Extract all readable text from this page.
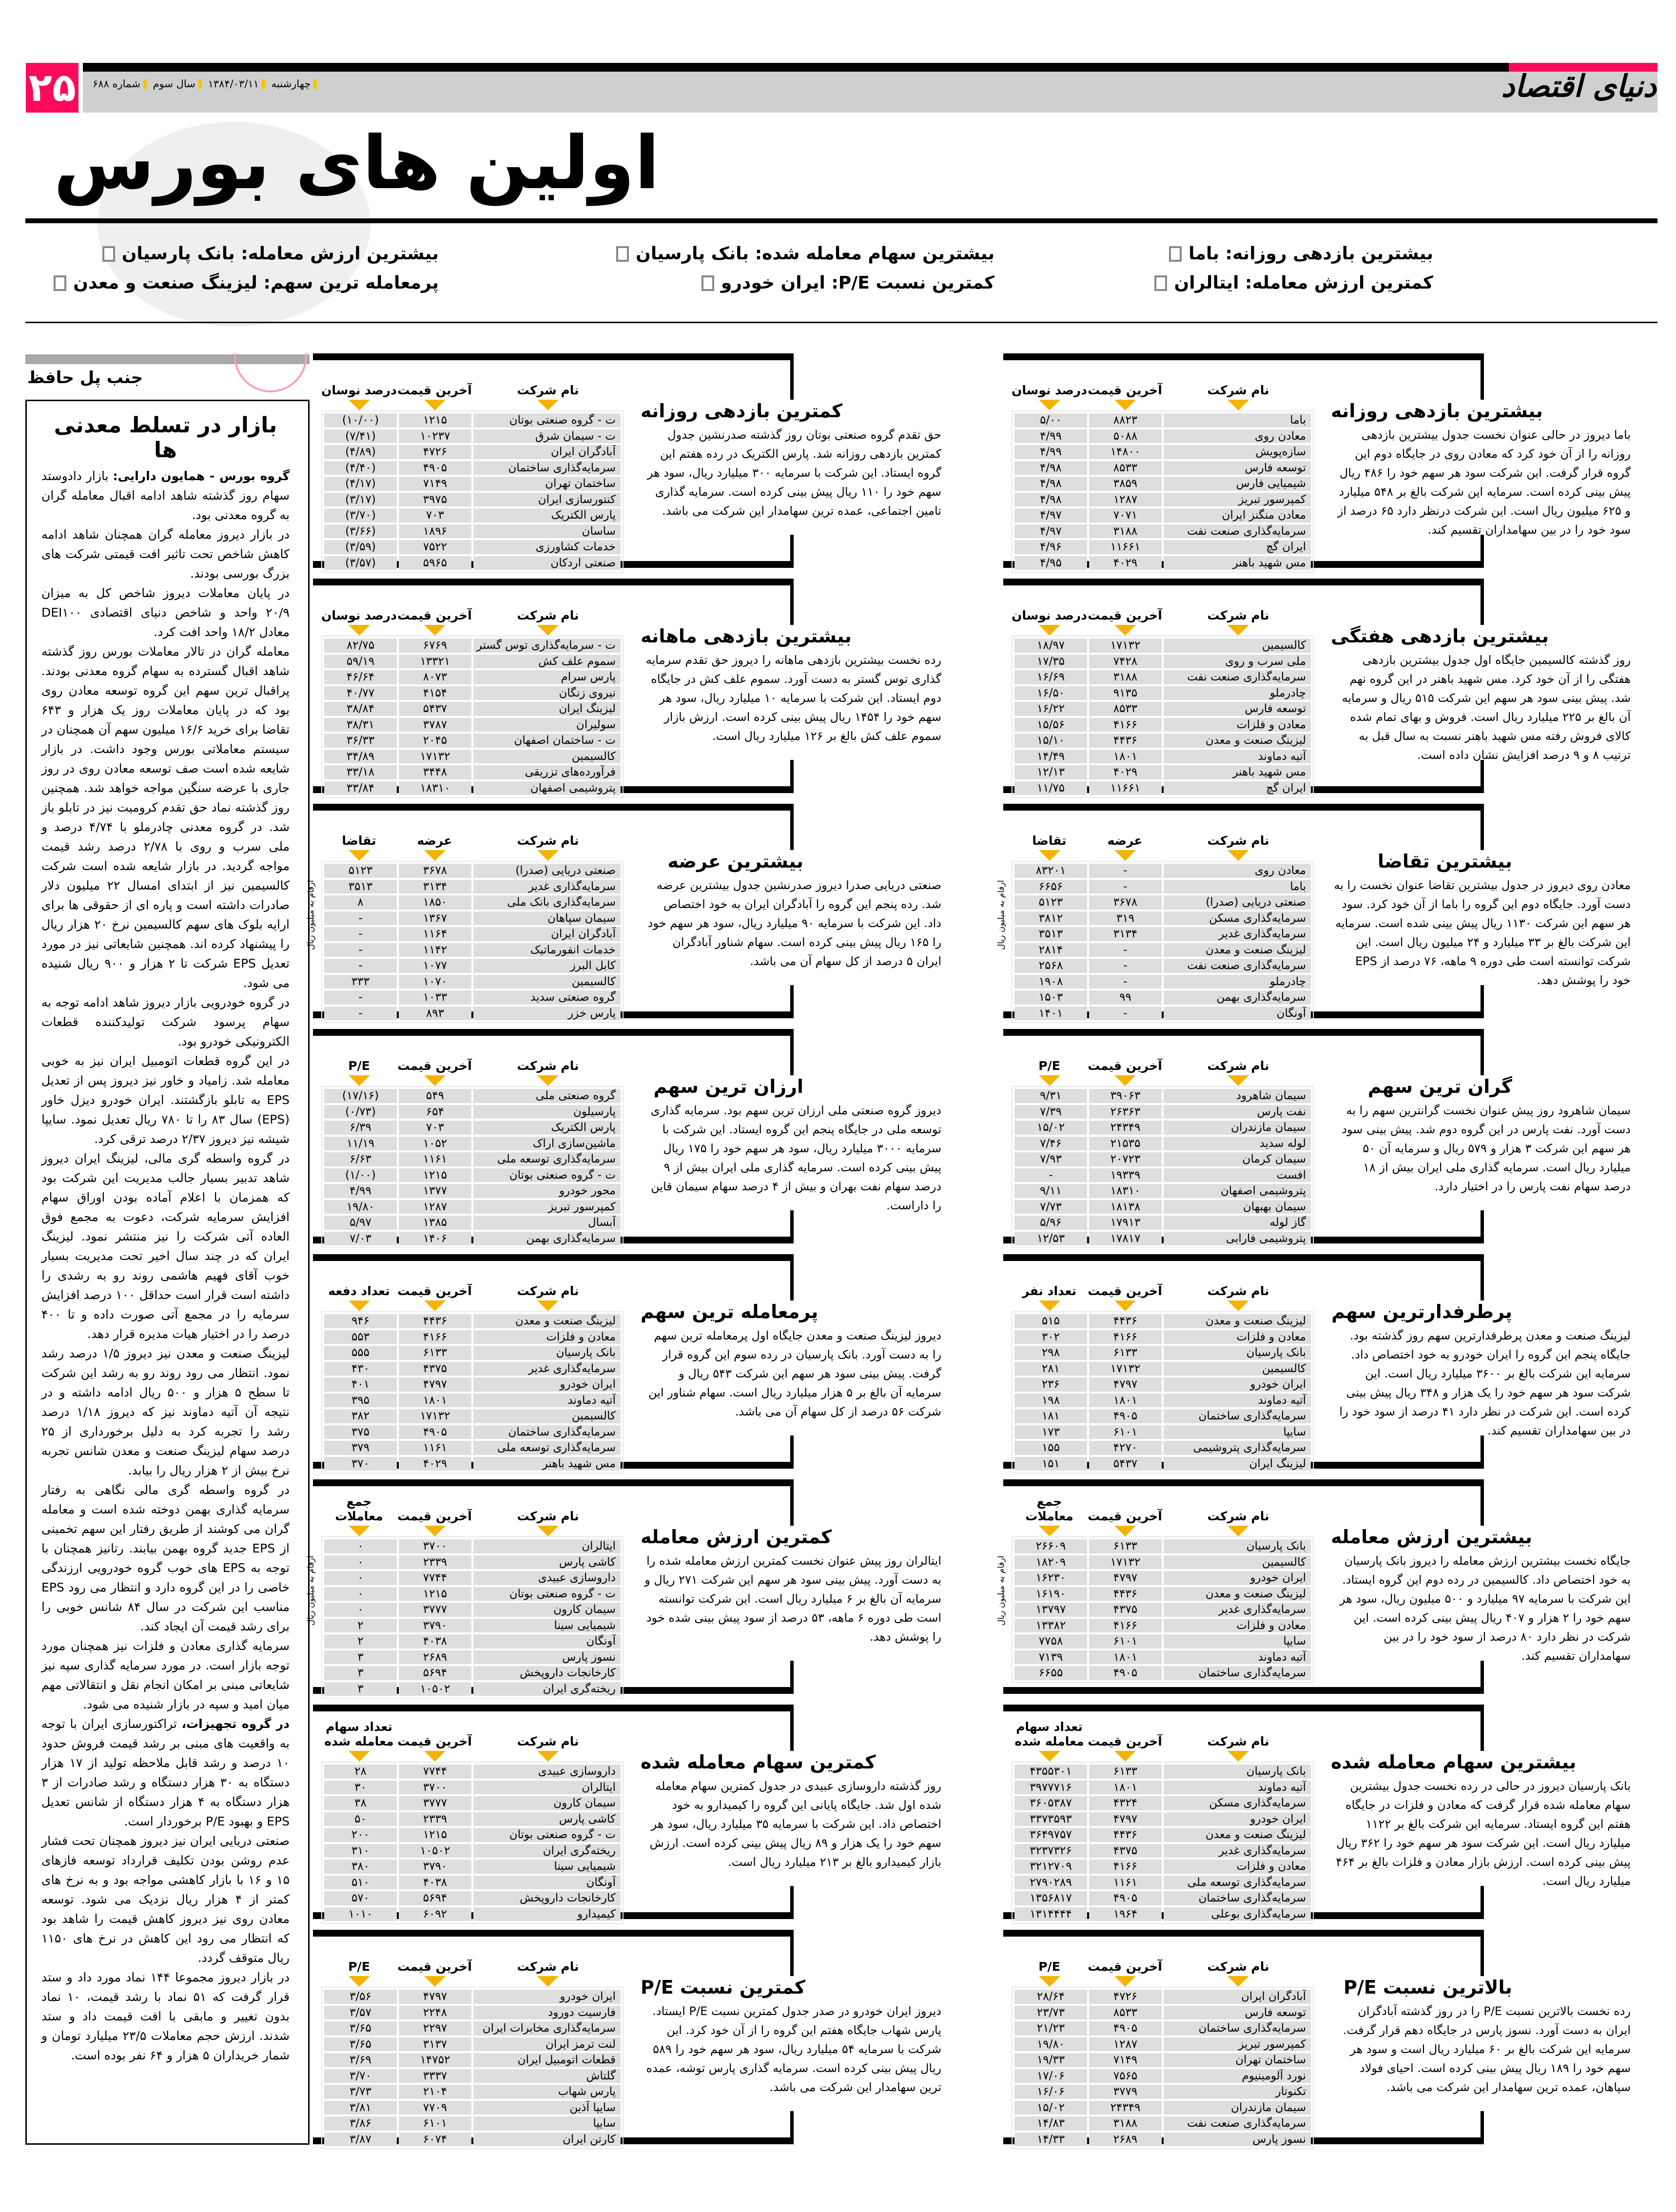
۲۵	دنیای اقتصاد
چهارشنبه ۱۳۸۴/۰۳/۱۱ سال سوم شماره ۶۸۸
اولین های بورس
بیشترین بازدهی روزانه: باما
بیشترین سهام معامله شده: بانک پارسیان
بیشترین ارزش معامله: بانک پارسیان
کمترین ارزش معامله: ایتالران
کمترین نسبت P/E: ایران خودرو
پرمعامله ترین سهم: لیزینگ صنعت و معدن
جنب پل حافظ
بازار در تسلط معدنی ها

گروه بورس - همایون دارایی: بازار دادوستد سهام روز گذشته شاهد ادامه اقبال معامله گران به گروه معدنی بود.

در بازار دیروز معامله گران همچنان شاهد ادامه کاهش شاخص تحت تاثیر افت قیمتی شرکت های بزرگ بورسی بودند.

در پایان معاملات دیروز شاخص کل به میزان ۲۰/۹ واحد و شاخص دنیای اقتصادی DEI۱۰۰ معادل ۱۸/۲ واحد افت کرد.

معامله گران در تالار معاملات بورس روز گذشته شاهد اقبال گسترده به سهام گروه معدنی بودند. پراقبال ترین سهم این گروه توسعه معادن روی بود که در پایان معاملات روز یک هزار و ۶۴۳ تقاضا برای خرید ۱۶/۶ میلیون سهم آن همچنان در سیستم معاملاتی بورس وجود داشت. در بازار شایعه شده است صف توسعه معادن روی در روز جاری با عرضه سنگین مواجه خواهد شد. همچنین روز گذشته نماد حق تقدم کرومیت نیز در تابلو باز شد. در گروه معدنی چادرملو با ۴/۷۴ درصد و ملی سرب و روی با ۲/۷۸ درصد رشد قیمت مواجه گردید. در بازار شایعه شده است شرکت کالسیمین نیز از ابتدای امسال ۲۲ میلیون دلار صادرات داشته است و پاره ای از حقوقی ها برای ارایه بلوک های سهم کالسیمین نرخ ۲۰ هزار ریال را پیشنهاد کرده اند. همچنین شایعاتی نیز در مورد تعدیل EPS شرکت تا ۲ هزار و ۹۰۰ ریال شنیده می شود.

در گروه خودرویی بازار دیروز شاهد ادامه توجه به سهام پرسود شرکت تولیدکننده قطعات الکترونیکی خودرو بود.

در این گروه قطعات اتومبیل ایران نیز به خوبی معامله شد. زامیاد و خاور نیز دیروز پس از تعدیل EPS به تابلو بازگشتند. ایران خودرو دیزل خاور (EPS) سال ۸۳ را تا ۷۸۰ ریال تعدیل نمود. سایپا شیشه نیز دیروز ۲/۳۷ درصد ترقی کرد.

در گروه واسطه گری مالی، لیزینگ ایران دیروز شاهد تدبیر بسیار جالب مدیریت این شرکت بود که همزمان با اعلام آماده بودن اوراق سهام افزایش سرمایه شرکت، دعوت به مجمع فوق العاده آتی شرکت را نیز منتشر نمود. لیزینگ ایران که در چند سال اخیر تحت مدیریت بسیار خوب آقای فهیم هاشمی روند رو به رشدی را داشته است قرار است حداقل ۱۰۰ درصد افزایش سرمایه را در مجمع آتی صورت داده و تا ۴۰۰ درصد را در اختیار هیات مدیره قرار دهد.

لیزینگ صنعت و معدن نیز دیروز ۱/۵ درصد رشد نمود. انتظار می رود روند رو به رشد این شرکت تا سطح ۵ هزار و ۵۰۰ ریال ادامه داشته و در نتیجه آن آتیه دماوند نیز که دیروز ۱/۱۸ درصد رشد را تجربه کرد به دلیل برخورداری از ۲۵ درصد سهام لیزینگ صنعت و معدن شانس تجربه نرخ بیش از ۲ هزار ریال را بیابد.

در گروه واسطه گری مالی نگاهی به رفتار سرمایه گذاری بهمن دوخته شده است و معامله گران می کوشند از طریق رفتار این سهم تخمینی از EPS جدید گروه بهمن بیابند. رتانیز همچنان با توجه به EPS های خوب گروه خودرویی ارزندگی خاصی را در این گروه دارد و انتظار می رود EPS مناسب این شرکت در سال ۸۴ شانس خوبی را برای رشد قیمت آن ایجاد کند.

سرمایه گذاری معادن و فلزات نیز همچنان مورد توجه بازار است. در مورد سرمایه گذاری سپه نیز شایعاتی مبنی بر امکان انجام نقل و انتقالاتی مهم میان امید و سپه در بازار شنیده می شود.

در گروه تجهیزات، تراکتورسازی ایران با توجه به واقعیت های مبنی بر رشد قیمت فروش حدود ۱۰ درصد و رشد قابل ملاحظه تولید از ۱۷ هزار دستگاه به ۳۰ هزار دستگاه و رشد صادرات از ۳ هزار دستگاه به ۴ هزار دستگاه از شانس تعدیل EPS و بهبود P/E برخوردار است.

صنعتی دریایی ایران نیز دیروز همچنان تحت فشار عدم روشن بودن تکلیف قرارداد توسعه فازهای ۱۵ و ۱۶ با بازار کاهشی مواجه بود و به نرخ های کمتر از ۴ هزار ریال نزدیک می شود. توسعه معادن روی نیز دیروز کاهش قیمت را شاهد بود که انتظار می رود این کاهش در نرخ های ۱۱۵۰ ریال متوقف گردد.

در بازار دیروز مجموعا ۱۴۴ نماد مورد داد و ستد قرار گرفت که ۵۱ نماد با رشد قیمت، ۱۰ نماد بدون تغییر و مابقی با افت قیمت داد و ستد شدند. ارزش حجم معاملات ۲۳/۵ میلیارد تومان و شمار خریداران ۵ هزار و ۶۴ نفر بوده است.

نام شرکت
آخرین قیمت
درصد نوسان
باما
۸۸۲۳
۵/۰۰
معادن روی
۵۰۸۸
۴/۹۹
سازه‌پویش
۱۴۸۰۰
۴/۹۹
توسعه فارس
۸۵۳۳
۴/۹۸
شیمیایی فارس
۳۸۵۹
۴/۹۸
کمپرسور تبریز
۱۲۸۷
۴/۹۸
معادن منگنز ایران
۷۰۷۱
۴/۹۷
سرمایه‌گذاری صنعت نفت
۳۱۸۸
۴/۹۷
ایران گچ
۱۱۶۶۱
۴/۹۶
مس شهید باهنر
۴۰۲۹
۴/۹۵
بیشترین بازدهی روزانه
باما دیروز در حالی عنوان نخست جدول بیشترین بازدهی روزانه را از آن خود کرد که معادن روی در جایگاه دوم این گروه قرار گرفت. این شرکت سود هر سهم خود را ۴۸۶ ریال پیش بینی کرده است. سرمایه این شرکت بالغ بر ۵۴۸ میلیارد و ۶۲۵ میلیون ریال است. این شرکت درنظر دارد ۶۵ درصد از سود خود را در بین سهامداران تقسیم کند.
نام شرکت
آخرین قیمت
درصد نوسان
ت - گروه صنعتی بوتان
۱۲۱۵
(۱۰/۰۰)
ت - سیمان شرق
۱۰۲۳۷
(۷/۴۱)
آبادگران ایران
۴۷۲۶
(۴/۸۹)
سرمایه‌گذاری ساختمان
۴۹۰۵
(۴/۴۰)
ساختمان تهران
۷۱۴۹
(۴/۱۷)
کنتورسازی ایران
۳۹۷۵
(۳/۱۷)
پارس الکتریک
۷۰۳
(۳/۷۰)
ساسان
۱۸۹۶
(۳/۶۶)
خدمات کشاورزی
۷۵۲۲
(۳/۵۹)
صنعتی اردکان
۵۹۶۵
(۳/۵۷)
کمترین بازدهی روزانه
حق تقدم گروه صنعتی بوتان روز گذشته صدرنشین جدول کمترین بازدهی روزانه شد. پارس الکتریک در رده هفتم این گروه ایستاد. این شرکت با سرمایه ۳۰۰ میلیارد ریال، سود هر سهم خود را ۱۱۰ ریال پیش بینی کرده است. سرمایه گذاری تامین اجتماعی، عمده ترین سهامدار این شرکت می باشد.
نام شرکت
آخرین قیمت
درصد نوسان
کالسیمین
۱۷۱۳۲
۱۸/۹۷
ملی سرب و روی
۷۴۲۸
۱۷/۳۵
سرمایه‌گذاری صنعت نفت
۳۱۸۸
۱۶/۶۹
چادرملو
۹۱۳۵
۱۶/۵۰
توسعه فارس
۸۵۳۳
۱۶/۲۲
معادن و فلزات
۴۱۶۶
۱۵/۵۶
لیزینگ صنعت و معدن
۴۴۳۶
۱۵/۱۰
آتیه دماوند
۱۸۰۱
۱۴/۴۹
مس شهید باهنر
۴۰۲۹
۱۲/۱۳
ایران گچ
۱۱۶۶۱
۱۱/۷۵
بیشترین بازدهی هفتگی
روز گذشته کالسیمین جایگاه اول جدول بیشترین بازدهی هفتگی را از آن خود کرد. مس شهید باهنر در این گروه نهم شد. پیش بینی سود هر سهم این شرکت ۵۱۵ ریال و سرمایه آن بالغ بر ۲۲۵ میلیارد ریال است. فروش و بهای تمام شده کالای فروش رفته مس شهید باهنر نسبت به سال قبل به ترتیب ۸ و ۹ درصد افزایش نشان داده است.
نام شرکت
آخرین قیمت
درصد نوسان
ت - سرمایه‌گذاری توس گستر
۶۷۶۹
۸۲/۷۵
سموم علف کش
۱۳۳۲۱
۵۹/۱۹
پارس سرام
۸۰۷۳
۴۶/۶۴
نیروی زنگان
۴۱۵۴
۴۰/۷۷
لیزینگ ایران
۵۴۳۷
۳۸/۸۴
سولیران
۳۷۸۷
۳۸/۳۱
ت - ساختمان اصفهان
۲۰۴۵
۳۶/۳۳
کالسیمین
۱۷۱۳۲
۳۴/۸۹
فرآورده‌های تزریقی
۳۴۴۸
۳۳/۱۸
پتروشیمی اصفهان
۱۸۳۱۰
۳۳/۸۴
بیشترین بازدهی ماهانه
رده نخست بیشترین بازدهی ماهانه را دیروز حق تقدم سرمایه گذاری توس گستر به دست آورد. سموم علف کش در جایگاه دوم ایستاد. این شرکت با سرمایه ۱۰ میلیارد ریال، سود هر سهم خود را ۱۴۵۴ ریال پیش بینی کرده است. ارزش بازار سموم علف کش بالغ بر ۱۲۶ میلیارد ریال است.
نام شرکت
عرضه
تقاضا
معادن روی
-
۸۳۲۰۱
باما
-
۶۶۵۶
صنعتی دریایی (صدرا)
۳۶۷۸
۵۱۲۳
سرمایه‌گذاری مسکن
۳۱۹
۳۸۱۲
سرمایه‌گذاری غدیر
۳۱۳۴
۳۵۱۳
لیزینگ صنعت و معدن
-
۲۸۱۴
سرمایه‌گذاری صنعت نفت
-
۲۵۶۸
چادرملو
-
۱۹۰۸
سرمایه‌گذاری بهمن
۹۹
۱۵۰۳
آونگان
-
۱۴۰۱
بیشترین تقاضا
معادن روی دیروز در جدول بیشترین تقاضا عنوان نخست را به دست آورد. جایگاه دوم این گروه را باما از آن خود کرد. سود هر سهم این شرکت ۱۱۳۰ ریال پیش بینی شده است. سرمایه این شرکت بالغ بر ۳۳ میلیارد و ۲۴ میلیون ریال است. این شرکت توانسته است طی دوره ۹ ماهه، ۷۶ درصد از EPS خود را پوشش دهد.
ارقام به میلیون ریال
نام شرکت
عرضه
تقاضا
صنعتی دریایی (صدرا)
۳۶۷۸
۵۱۲۳
سرمایه‌گذاری غدیر
۳۱۳۴
۳۵۱۳
سرمایه‌گذاری بانک ملی
۱۸۵۰
۸
سیمان سپاهان
۱۳۶۷
-
آبادگران ایران
۱۱۶۴
-
خدمات انفورماتیک
۱۱۴۲
-
کابل البرز
۱۰۷۷
-
کالسیمین
۱۰۷۰
۳۳۳
گروه صنعتی سدید
۱۰۳۳
-
پارس خزر
۸۹۳
-
بیشترین عرضه
صنعتی دریایی صدرا دیروز صدرنشین جدول بیشترین عرضه شد. رده پنجم این گروه را آبادگران ایران به خود اختصاص داد. این شرکت با سرمایه ۹۰ میلیارد ریال، سود هر سهم خود را ۱۶۵ ریال پیش بینی کرده است. سهام شناور آبادگران ایران ۵ درصد از کل سهام آن می باشد.
ارقام به میلیون ریال
نام شرکت
آخرین قیمت
P/E
سیمان شاهرود
۳۹۰۶۳
۹/۳۱
نفت پارس
۲۶۳۶۳
۷/۳۹
سیمان مازندران
۲۴۳۴۹
۱۵/۰۲
لوله سدید
۲۱۵۳۵
۷/۴۶
سیمان کرمان
۲۰۷۲۳
۷/۹۳
افست
۱۹۳۳۹
-
پتروشیمی اصفهان
۱۸۳۱۰
۹/۱۱
سیمان بهبهان
۱۸۱۳۸
۷/۷۳
گاز لوله
۱۷۹۱۳
۵/۹۶
پتروشیمی فارابی
۱۷۸۱۷
۱۲/۵۳
گران ترین سهم
سیمان شاهرود روز پیش عنوان نخست گرانترین سهم را به دست آورد. نفت پارس در این گروه دوم شد. پیش بینی سود هر سهم این شرکت ۳ هزار و ۵۷۹ ریال و سرمایه آن ۵۰ میلیارد ریال است. سرمایه گذاری ملی ایران بیش از ۱۸ درصد سهام نفت پارس را در اختیار دارد.
نام شرکت
آخرین قیمت
P/E
گروه صنعتی ملی
۵۴۹
(۱۷/۱۶)
پارسیلون
۶۵۴
(۰/۷۳)
پارس الکتریک
۷۰۳
۶/۳۹
ماشین‌سازی اراک
۱۰۵۲
۱۱/۱۹
سرمایه‌گذاری توسعه ملی
۱۱۶۱
۶/۶۳
ت - گروه صنعتی بوتان
۱۲۱۵
(۱/۰۰)
محور خودرو
۱۳۷۷
۴/۹۹
کمپرسور تبریز
۱۲۸۷
۱۹/۸۰
آبسال
۱۳۸۵
۵/۹۷
سرمایه‌گذاری بهمن
۱۴۰۶
۷/۰۳
ارزان ترین سهم
دیروز گروه صنعتی ملی ارزان ترین سهم بود. سرمایه گذاری توسعه ملی در جایگاه پنجم این گروه ایستاد. این شرکت با سرمایه ۳۰۰۰ میلیارد ریال، سود هر سهم خود را ۱۷۵ ریال پیش بینی کرده است. سرمایه گذاری ملی ایران بیش از ۹ درصد سهام نفت بهران و بیش از ۴ درصد سهام سیمان قاین را داراست.
نام شرکت
آخرین قیمت
تعداد نفر
لیزینگ صنعت و معدن
۴۴۳۶
۵۱۵
معادن و فلزات
۴۱۶۶
۳۰۲
بانک پارسیان
۶۱۳۳
۲۹۸
کالسیمین
۱۷۱۳۲
۲۸۱
ایران خودرو
۴۷۹۷
۲۳۶
آتیه دماوند
۱۸۰۱
۱۹۸
سرمایه‌گذاری ساختمان
۴۹۰۵
۱۸۱
سایپا
۶۱۰۱
۱۷۳
سرمایه‌گذاری پتروشیمی
۴۲۷۰
۱۵۵
لیزینگ ایران
۵۴۳۷
۱۵۱
پرطرفدارترین سهم
لیزینگ صنعت و معدن پرطرفدارترین سهم روز گذشته بود. جایگاه پنجم این گروه را ایران خودرو به خود اختصاص داد. سرمایه این شرکت بالغ بر ۳۶۰۰ میلیارد ریال است. این شرکت سود هر سهم خود را یک هزار و ۳۴۸ ریال پیش بینی کرده است. این شرکت در نظر دارد ۴۱ درصد از سود خود را در بین سهامداران تقسیم کند.
نام شرکت
آخرین قیمت
تعداد دفعه
لیزینگ صنعت و معدن
۴۴۳۶
۹۴۶
معادن و فلزات
۴۱۶۶
۵۵۳
بانک پارسیان
۶۱۳۳
۵۵۵
سرمایه‌گذاری غدیر
۴۳۷۵
۴۳۰
ایران خودرو
۴۷۹۷
۴۰۱
آتیه دماوند
۱۸۰۱
۳۹۵
کالسیمین
۱۷۱۳۲
۳۸۲
سرمایه‌گذاری ساختمان
۴۹۰۵
۳۷۵
سرمایه‌گذاری توسعه ملی
۱۱۶۱
۳۷۹
مس شهید باهنر
۴۰۲۹
۳۷۰
پرمعامله ترین سهم
دیروز لیزینگ صنعت و معدن جایگاه اول پرمعامله ترین سهم را به دست آورد. بانک پارسیان در رده سوم این گروه قرار گرفت. پیش بینی سود هر سهم این شرکت ۵۴۳ ریال و سرمایه آن بالغ بر ۵ هزار میلیارد ریال است. سهام شناور این شرکت ۵۶ درصد از کل سهام آن می باشد.
نام شرکت
آخرین قیمت
جمع معاملات
بانک پارسیان
۶۱۳۳
۲۶۶۰۹
کالسیمین
۱۷۱۳۲
۱۸۲۰۹
ایران خودرو
۴۷۹۷
۱۶۲۳۰
لیزینگ صنعت و معدن
۴۴۳۶
۱۶۱۹۰
سرمایه‌گذاری غدیر
۴۳۷۵
۱۳۷۹۷
معادن و فلزات
۴۱۶۶
۱۳۳۸۲
سایپا
۶۱۰۱
۷۷۵۸
آتیه دماوند
۱۸۰۱
۷۱۳۹
سرمایه‌گذاری ساختمان
۴۹۰۵
۶۶۵۵
بیشترین ارزش معامله
جایگاه نخست بیشترین ارزش معامله را دیروز بانک پارسیان به خود اختصاص داد. کالسیمین در رده دوم این گروه ایستاد. این شرکت با سرمایه ۹۷ میلیارد و ۵۰۰ میلیون ریال، سود هر سهم خود را ۲ هزار و ۴۰۷ ریال پیش بینی کرده است. این شرکت در نظر دارد ۸۰ درصد از سود خود را در بین سهامداران تقسیم کند.
ارقام به میلیون ریال
نام شرکت
آخرین قیمت
جمع معاملات
ایتالران
۳۷۰۰
۰
کاشی پارس
۲۳۳۹
۰
داروسازی عبیدی
۷۷۴۴
۰
ت - گروه صنعتی بوتان
۱۲۱۵
۰
سیمان کارون
۳۷۷۷
۰
شیمیایی سینا
۳۷۹۰
۲
آونگان
۴۰۳۸
۲
نسوز پارس
۲۶۸۹
۳
کارخانجات داروپخش
۵۶۹۴
۳
ریخته‌گری ایران
۱۰۵۰۲
۳
کمترین ارزش معامله
ایتالران روز پیش عنوان نخست کمترین ارزش معامله شده را به دست آورد. پیش بینی سود هر سهم این شرکت ۲۷۱ ریال و سرمایه آن بالغ بر ۶ میلیارد ریال است. این شرکت توانسته است طی دوره ۶ ماهه، ۵۳ درصد از سود پیش بینی شده خود را پوشش دهد.
ارقام به میلیون ریال
نام شرکت
آخرین قیمت
تعداد سهام معامله شده
بانک پارسیان
۶۱۳۳
۴۳۵۵۳۰۱
آتیه دماوند
۱۸۰۱
۳۹۷۷۷۱۶
سرمایه‌گذاری مسکن
۴۳۲۴
۳۶۰۵۳۸۷
ایران خودرو
۴۷۹۷
۳۳۷۳۵۹۳
لیزینگ صنعت و معدن
۴۴۳۶
۳۶۴۹۷۵۷
سرمایه‌گذاری غدیر
۴۳۷۵
۳۲۳۷۳۲۶
معادن و فلزات
۴۱۶۶
۳۲۱۲۷۰۹
سرمایه‌گذاری توسعه ملی
۱۱۶۱
۲۷۹۰۲۸۹
سرمایه‌گذاری ساختمان
۴۹۰۵
۱۳۵۶۸۱۷
سرمایه‌گذاری بوعلی
۱۹۶۴
۱۳۱۴۴۴۴
بیشترین سهام معامله شده
بانک پارسیان دیروز در حالی در رده نخست جدول بیشترین سهام معامله شده قرار گرفت که معادن و فلزات در جایگاه هفتم این گروه ایستاد. سرمایه این شرکت بالغ بر ۱۱۲۲ میلیارد ریال است. این شرکت سود هر سهم خود را ۳۶۲ ریال پیش بینی کرده است. ارزش بازار معادن و فلزات بالغ بر ۴۶۴ میلیارد ریال است.
نام شرکت
آخرین قیمت
تعداد سهام معامله شده
داروسازی عبیدی
۷۷۴۴
۲۸
ایتالران
۳۷۰۰
۳۰
سیمان کارون
۳۷۷۷
۳۸
کاشی پارس
۲۳۳۹
۵۰
ت - گروه صنعتی بوتان
۱۲۱۵
۲۰۰
ریخته‌گری ایران
۱۰۵۰۲
۳۱۰
شیمیایی سینا
۳۷۹۰
۳۸۰
آونگان
۴۰۳۸
۵۱۰
کارخانجات داروپخش
۵۶۹۴
۵۷۰
کیمیدارو
۶۰۹۲
۱۰۱۰
کمترین سهام معامله شده
روز گذشته داروسازی عبیدی در جدول کمترین سهام معامله شده اول شد. جایگاه پایانی این گروه را کیمیدارو به خود اختصاص داد. این شرکت با سرمایه ۳۵ میلیارد ریال، سود هر سهم خود را یک هزار و ۸۹ ریال پیش بینی کرده است. ارزش بازار کیمیدارو بالغ بر ۲۱۳ میلیارد ریال است.
نام شرکت
آخرین قیمت
P/E
آبادگران ایران
۴۷۲۶
۲۸/۶۴
توسعه فارس
۸۵۳۳
۲۳/۷۳
سرمایه‌گذاری ساختمان
۴۹۰۵
۲۱/۲۳
کمپرسور تبریز
۱۲۸۷
۱۹/۸۰
ساختمان تهران
۷۱۴۹
۱۹/۳۳
نورد آلومینیوم
۷۵۶۵
۱۷/۰۶
تکنوتار
۳۷۷۹
۱۶/۰۶
سیمان مازندران
۲۴۳۴۹
۱۵/۰۲
سرمایه‌گذاری صنعت نفت
۳۱۸۸
۱۴/۸۳
نسوز پارس
۲۶۸۹
۱۴/۳۳
بالاترین نسبت P/E
رده نخست بالاترین نسبت P/E را در روز گذشته آبادگران ایران به دست آورد. نسوز پارس در جایگاه دهم قرار گرفت. سرمایه این شرکت بالغ بر ۶۰ میلیارد ریال است و سود هر سهم خود را ۱۸۹ ریال پیش بینی کرده است. احیای فولاد سپاهان، عمده ترین سهامدار این شرکت می باشد.
نام شرکت
آخرین قیمت
P/E
ایران خودرو
۴۷۹۷
۳/۵۶
فارسیت دورود
۲۲۴۸
۳/۵۷
سرمایه‌گذاری مخابرات ایران
۲۲۹۷
۳/۶۵
لنت ترمز ایران
۳۱۳۷
۳/۶۵
قطعات اتومبیل ایران
۱۴۷۵۲
۳/۶۹
گلتاش
۳۳۳۷
۳/۷۰
پارس شهاب
۲۱۰۴
۳/۷۳
سایپا آذین
۷۷۰۹
۳/۸۱
سایپا
۶۱۰۱
۳/۸۶
کارتن ایران
۶۰۷۴
۳/۸۷
کمترین نسبت P/E
دیروز ایران خودرو در صدر جدول کمترین نسبت P/E ایستاد. پارس شهاب جایگاه هفتم این گروه را از آن خود کرد. این شرکت با سرمایه ۵۴ میلیارد ریال، سود هر سهم خود را ۵۸۹ ریال پیش بینی کرده است. سرمایه گذاری پارس توشه، عمده ترین سهامدار این شرکت می باشد.
